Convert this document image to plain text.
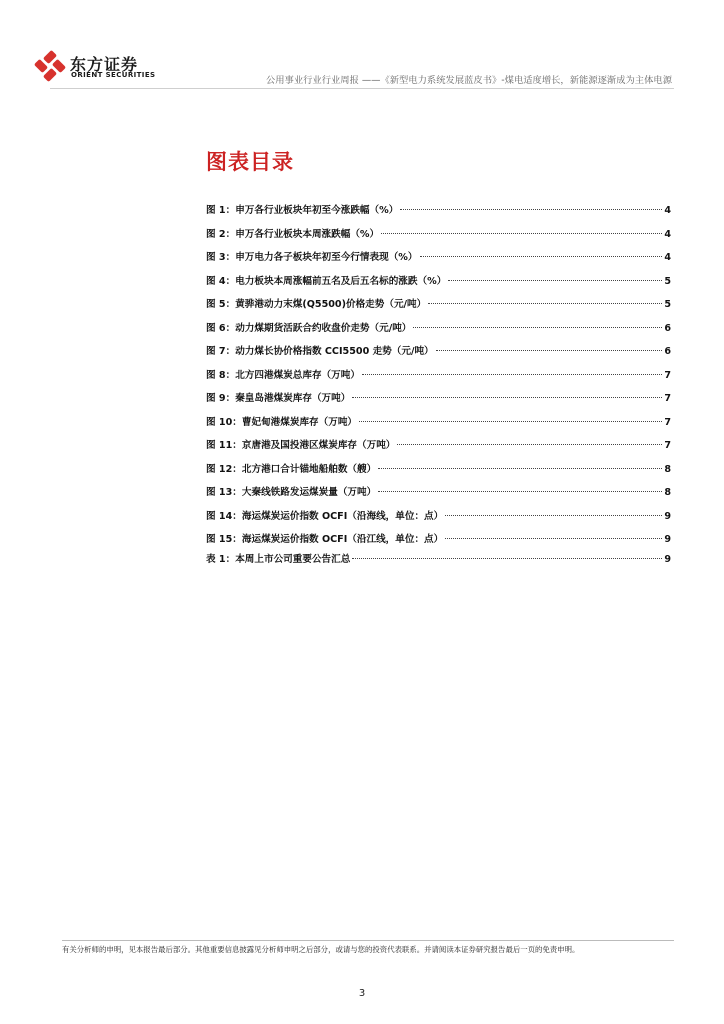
东方证券
ORIENT SECURITIES	公用事业行业行业周报 ——《新型电力系统发展蓝皮书》-煤电适度增长，新能源逐渐成为主体电源
图表目录
图 1：申万各行业板块年初至今涨跌幅（%）	4
图 2：申万各行业板块本周涨跌幅（%）	4
图 3：申万电力各子板块年初至今行情表现（%）	4
图 4：电力板块本周涨幅前五名及后五名标的涨跌（%）	5
图 5：黄骅港动力末煤(Q5500)价格走势（元/吨）	5
图 6：动力煤期货活跃合约收盘价走势（元/吨）	6
图 7：动力煤长协价格指数 CCI5500 走势（元/吨）	6
图 8：北方四港煤炭总库存（万吨）	7
图 9：秦皇岛港煤炭库存（万吨）	7
图 10：曹妃甸港煤炭库存（万吨）	7
图 11：京唐港及国投港区煤炭库存（万吨）	7
图 12：北方港口合计锚地船舶数（艘）	8
图 13：大秦线铁路发运煤炭量（万吨）	8
图 14：海运煤炭运价指数 OCFI（沿海线，单位：点）	9
图 15：海运煤炭运价指数 OCFI（沿江线，单位：点）	9
表 1：本周上市公司重要公告汇总	9
有关分析师的申明，见本报告最后部分。其他重要信息披露见分析师申明之后部分，或请与您的投资代表联系。并请阅读本证券研究报告最后一页的免责申明。
3
